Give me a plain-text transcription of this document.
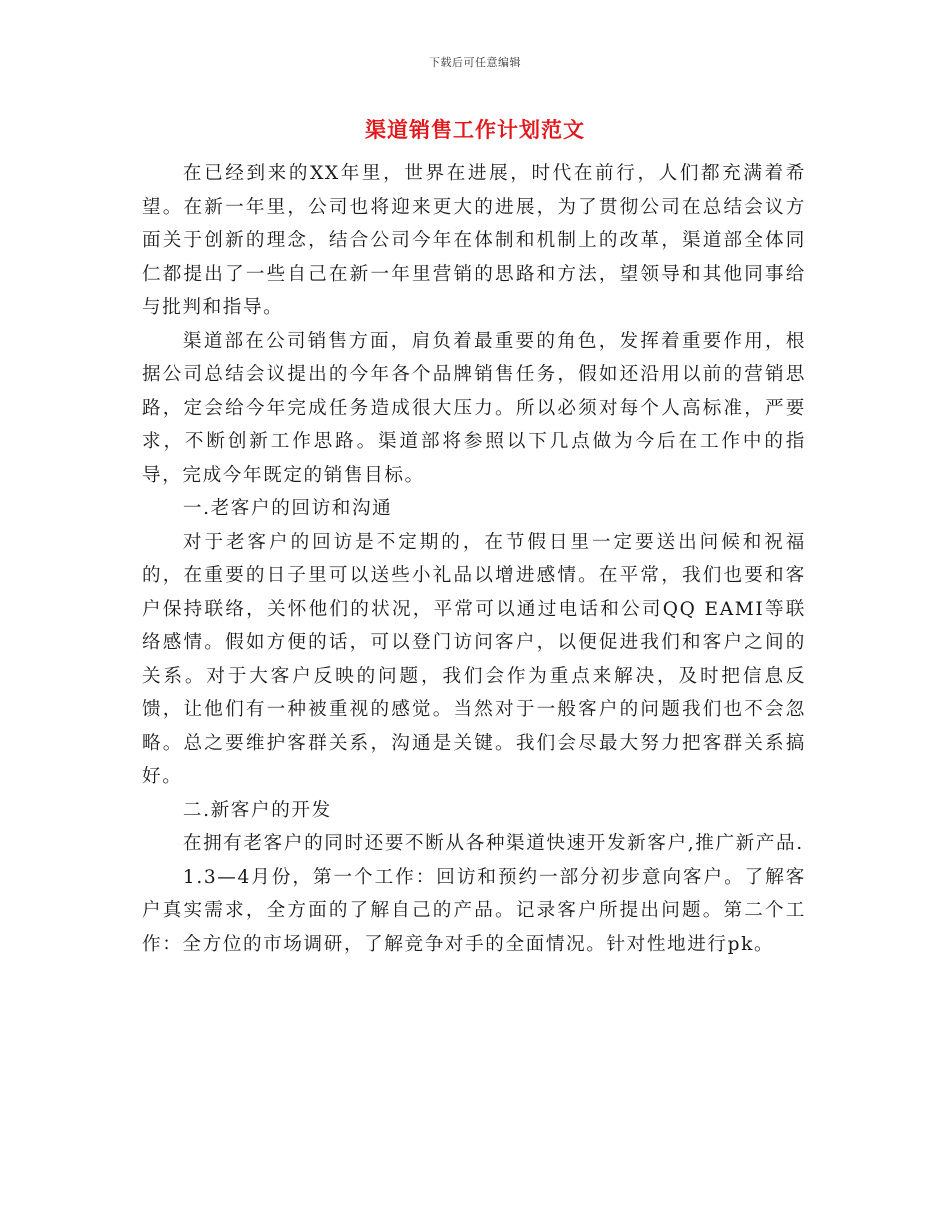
下载后可任意编辑
渠道销售工作计划范文

在已经到来的XX年里，世界在进展，时代在前行，人们都充满着希望。在新一年里，公司也将迎来更大的进展，为了贯彻公司在总结会议方面关于创新的理念，结合公司今年在体制和机制上的改革，渠道部全体同仁都提出了一些自己在新一年里营销的思路和方法，望领导和其他同事给与批判和指导。

渠道部在公司销售方面，肩负着最重要的角色，发挥着重要作用，根据公司总结会议提出的今年各个品牌销售任务，假如还沿用以前的营销思路，定会给今年完成任务造成很大压力。所以必须对每个人高标准，严要求，不断创新工作思路。渠道部将参照以下几点做为今后在工作中的指导，完成今年既定的销售目标。

一.老客户的回访和沟通

对于老客户的回访是不定期的，在节假日里一定要送出问候和祝福的，在重要的日子里可以送些小礼品以增进感情。在平常，我们也要和客户保持联络，关怀他们的状况，平常可以通过电话和公司QQ EAMI等联络感情。假如方便的话，可以登门访问客户，以便促进我们和客户之间的关系。对于大客户反映的问题，我们会作为重点来解决，及时把信息反馈，让他们有一种被重视的感觉。当然对于一般客户的问题我们也不会忽略。总之要维护客群关系，沟通是关键。我们会尽最大努力把客群关系搞好。

二.新客户的开发

在拥有老客户的同时还要不断从各种渠道快速开发新客户,推广新产品.

1.3—4月份，第一个工作：回访和预约一部分初步意向客户。了解客户真实需求，全方面的了解自己的产品。记录客户所提出问题。第二个工作：全方位的市场调研，了解竞争对手的全面情况。针对性地进行pk。
